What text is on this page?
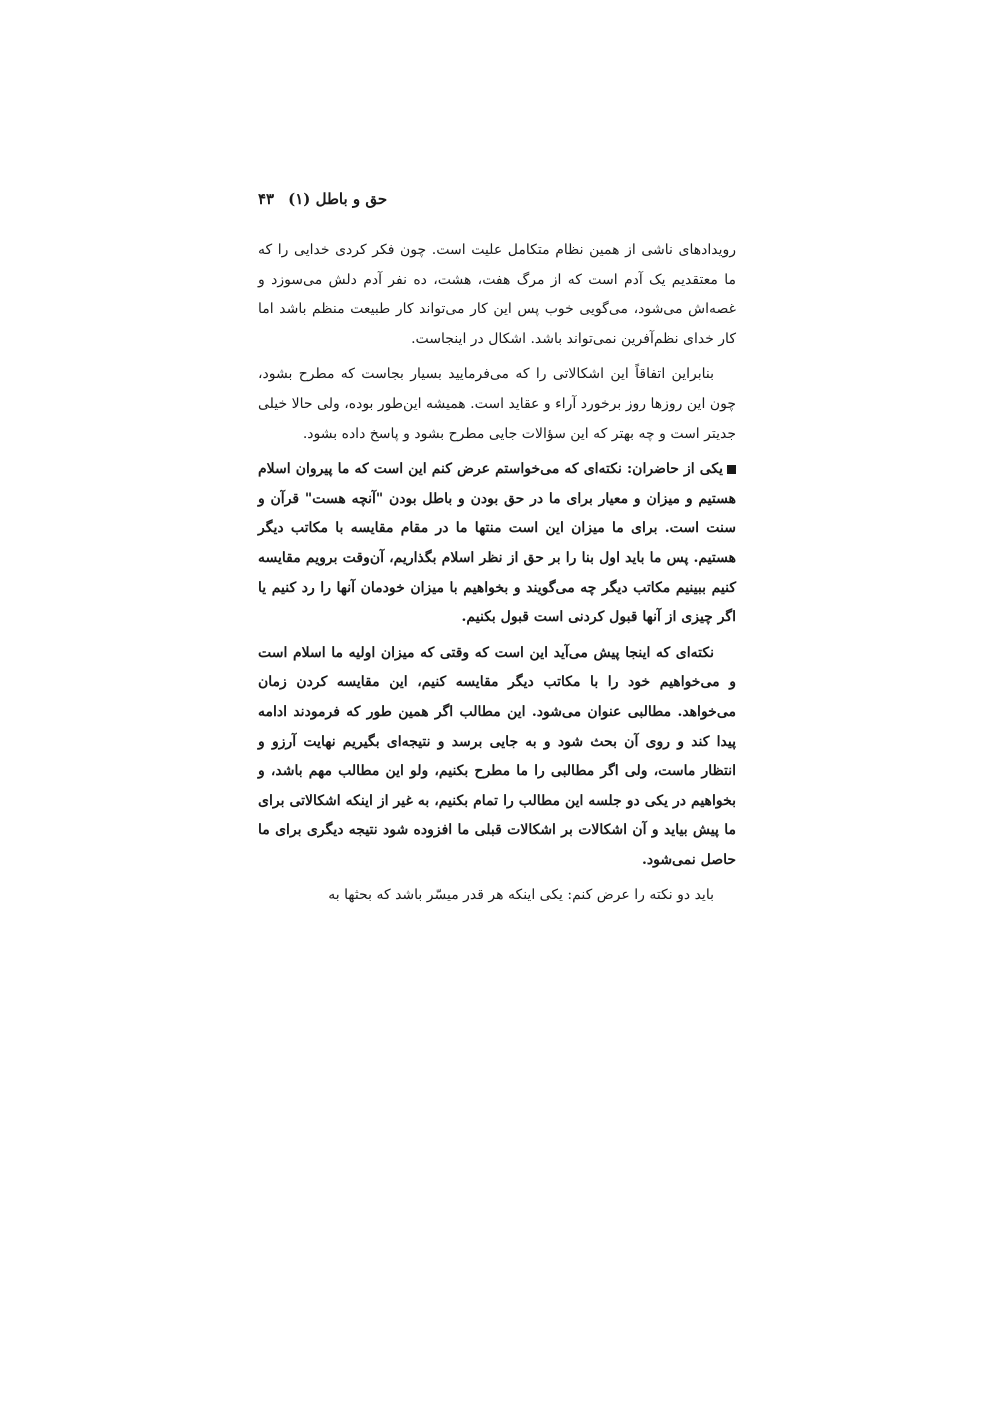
حق و باطل (۱)
۴۳

رویدادهای ناشی از همین نظام متکامل علیت است. چون فکر کردی خدایی را که ما معتقدیم یک آدم است که از مرگ هفت، هشت، ده نفر آدم دلش می‌سوزد و غصه‌اش می‌شود، می‌گویی خوب پس این کار می‌تواند کار طبیعت منظم باشد اما کار خدای نظم‌آفرین نمی‌تواند باشد. اشکال در اینجاست.

بنابراین اتفاقاً این اشکالاتی را که می‌فرمایید بسیار بجاست که مطرح بشود، چون این روزها روز برخورد آراء و عقاید است. همیشه این‌طور بوده، ولی حالا خیلی جدیتر است و چه بهتر که این سؤالات جایی مطرح بشود و پاسخ داده بشود.

یکی از حاضران: نکته‌ای که می‌خواستم عرض کنم این است که ما پیروان اسلام هستیم و میزان و معیار برای ما در حق بودن و باطل بودن "آنچه هست" قرآن و سنت است. برای ما میزان این است منتها ما در مقام مقایسه با مکاتب دیگر هستیم. پس ما باید اول بنا را بر حق از نظر اسلام بگذاریم، آن‌وقت برویم مقایسه کنیم ببینیم مکاتب دیگر چه می‌گویند و بخواهیم با میزان خودمان آنها را رد کنیم یا اگر چیزی از آنها قبول کردنی است قبول بکنیم.

نکته‌ای که اینجا پیش می‌آید این است که وقتی که میزان اولیه ما اسلام است و می‌خواهیم خود را با مکاتب دیگر مقایسه کنیم، این مقایسه کردن زمان می‌خواهد. مطالبی عنوان می‌شود. این مطالب اگر همین طور که فرمودند ادامه پیدا کند و روی آن بحث شود و به جایی برسد و نتیجه‌ای بگیریم نهایت آرزو و انتظار ماست، ولی اگر مطالبی را ما مطرح بکنیم، ولو این مطالب مهم باشد، و بخواهیم در یکی دو جلسه این مطالب را تمام بکنیم، به غیر از اینکه اشکالاتی برای ما پیش بیاید و آن اشکالات بر اشکالات قبلی ما افزوده شود نتیجه دیگری برای ما حاصل نمی‌شود.

باید دو نکته را عرض کنم: یکی اینکه هر قدر میسّر باشد که بحثها به
